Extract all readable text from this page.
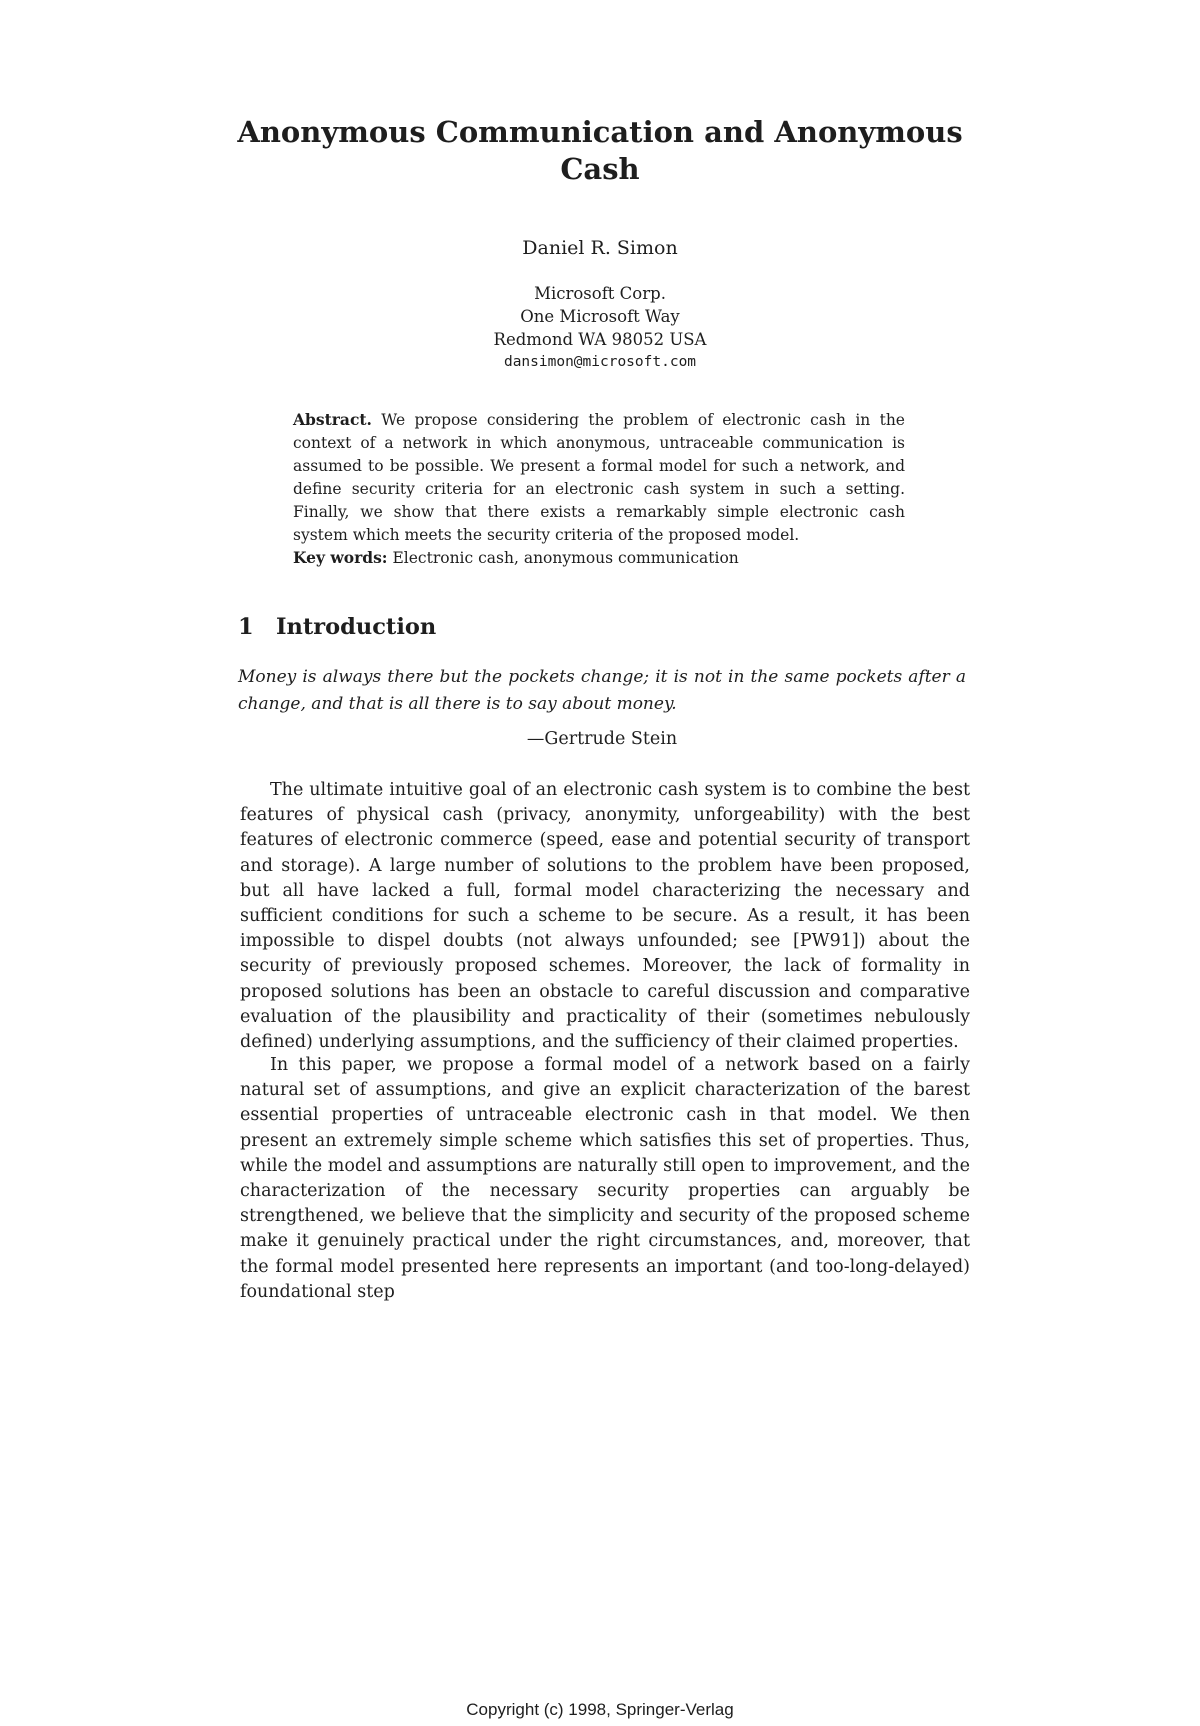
Anonymous Communication and Anonymous Cash
Daniel R. Simon
Microsoft Corp.
One Microsoft Way
Redmond WA 98052 USA
dansimon@microsoft.com

Abstract. We propose considering the problem of electronic cash in the context of a network in which anonymous, untraceable communication is assumed to be possible. We present a formal model for such a network, and define security criteria for an electronic cash system in such a setting. Finally, we show that there exists a remarkably simple electronic cash system which meets the security criteria of the proposed model.

Key words: Electronic cash, anonymous communication

1 Introduction

Money is always there but the pockets change; it is not in the same pockets after a change, and that is all there is to say about money.

—Gertrude Stein

The ultimate intuitive goal of an electronic cash system is to combine the best features of physical cash (privacy, anonymity, unforgeability) with the best features of electronic commerce (speed, ease and potential security of transport and storage). A large number of solutions to the problem have been proposed, but all have lacked a full, formal model characterizing the necessary and sufficient conditions for such a scheme to be secure. As a result, it has been impossible to dispel doubts (not always unfounded; see [PW91]) about the security of previously proposed schemes. Moreover, the lack of formality in proposed solutions has been an obstacle to careful discussion and comparative evaluation of the plausibility and practicality of their (sometimes nebulously defined) underlying assumptions, and the sufficiency of their claimed properties.

In this paper, we propose a formal model of a network based on a fairly natural set of assumptions, and give an explicit characterization of the barest essential properties of untraceable electronic cash in that model. We then present an extremely simple scheme which satisfies this set of properties. Thus, while the model and assumptions are naturally still open to improvement, and the characterization of the necessary security properties can arguably be strengthened, we believe that the simplicity and security of the proposed scheme make it genuinely practical under the right circumstances, and, moreover, that the formal model presented here represents an important (and too-long-delayed) foundational step

Copyright (c) 1998, Springer-Verlag
